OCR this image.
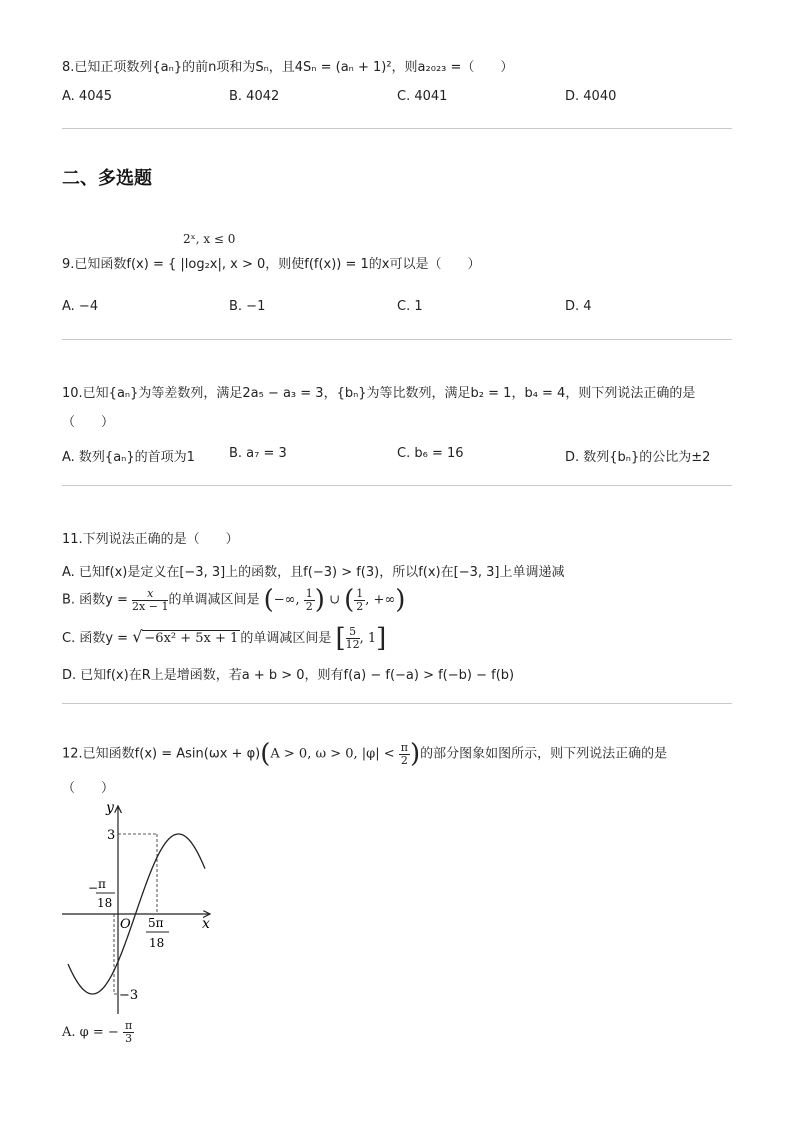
8.已知正项数列{aₙ}的前n项和为Sₙ，且4Sₙ = (aₙ + 1)²，则a₂₀₂₃ =（　　）
A. 4045	B. 4042	C. 4041	D. 4040
二、多选题
2ˣ, x ≤ 0
9.已知函数f(x) = { |log₂x|, x > 0，则使f(f(x)) = 1的x可以是（　　）
A. −4	B. −1	C. 1	D. 4
10.已知{aₙ}为等差数列，满足2a₅ − a₃ = 3，{bₙ}为等比数列，满足b₂ = 1，b₄ = 4，则下列说法正确的是
（　　）
A. 数列{aₙ}的首项为1	B. a₇ = 3	C. b₆ = 16	D. 数列{bₙ}的公比为±2
11.下列说法正确的是（　　）
A. 已知f(x)是定义在[−3, 3]上的函数，且f(−3) > f(3)，所以f(x)在[−3, 3]上单调递减
B. 函数$y = \frac{x}{2x - 1}$ 的单调减区间是 (−∞, $\frac{1}{2}$ ) ∪ ( $\frac{1}{2}$ , +∞)
C. 函数y = √ −6x² + 5x + 1 的单调减区间是 [ $\frac{5}{12}$ , 1]
D. 已知f(x)在R上是增函数，若a + b > 0，则有f(a) − f(−a) > f(−b) − f(b)
12.已知函数f(x) = Asin(ωx + φ)(A > 0, ω > 0, $|\varphi| < \frac{\pi}{2}$ )的部分图象如图所示，则下列说法正确的是
（　　）
y
x
O
3
−3
− π
18
5π
18
A. φ = − $\frac{\pi}{3}$
